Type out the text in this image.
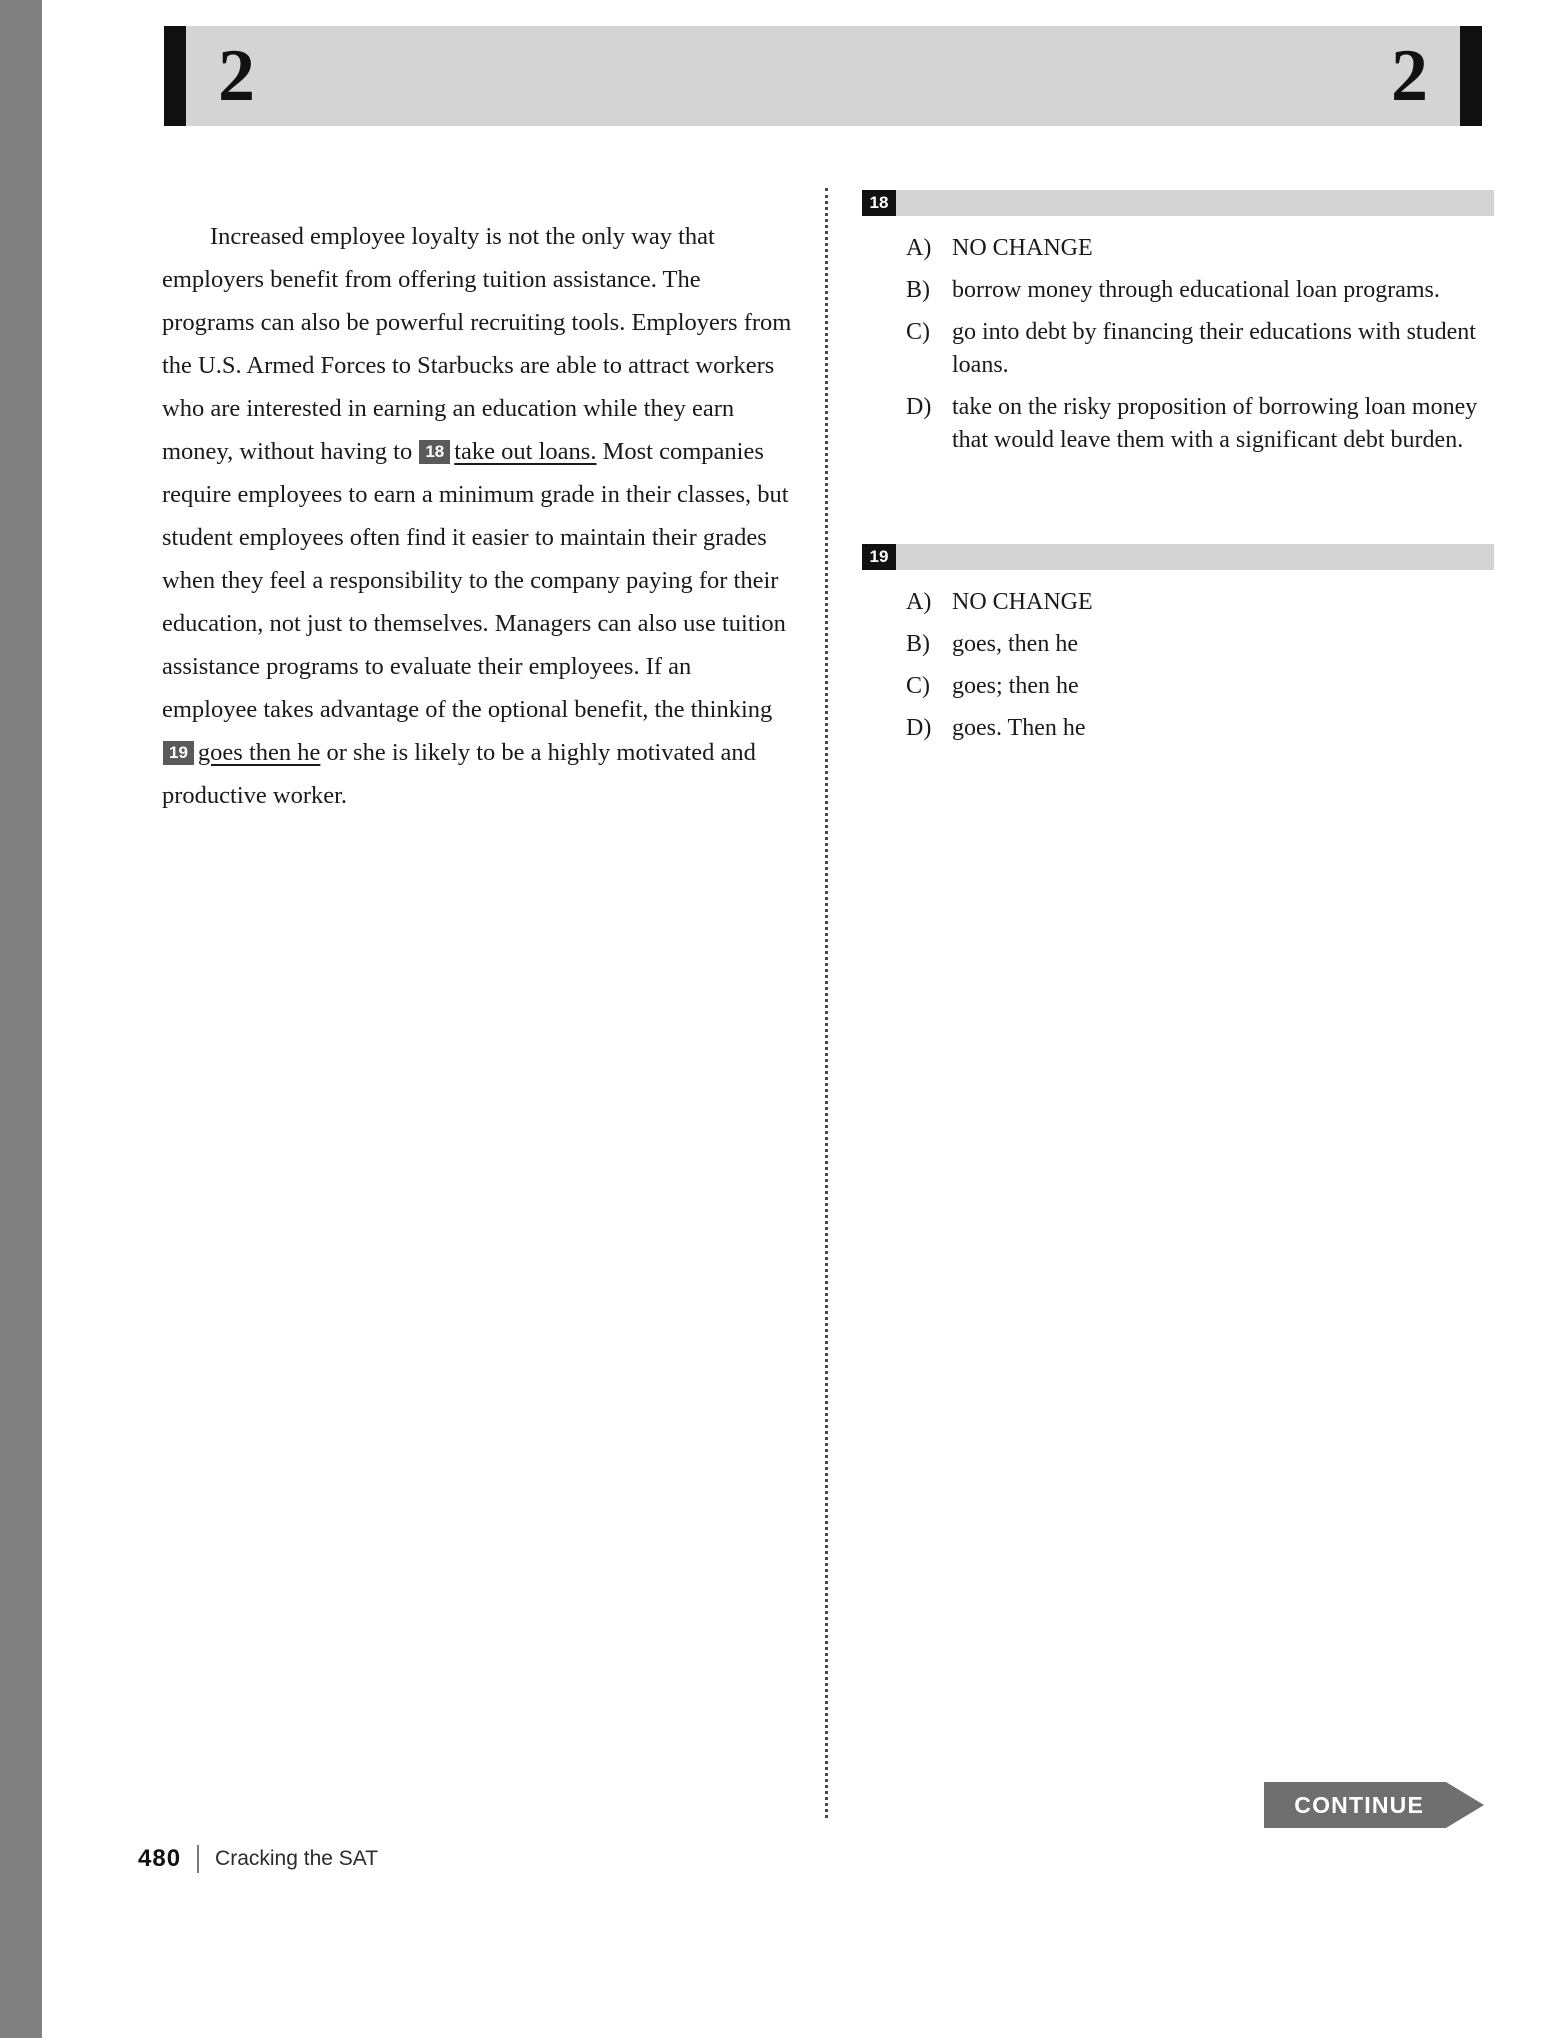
2	2

Increased employee loyalty is not the only way that employers benefit from offering tuition assistance. The programs can also be powerful recruiting tools. Employers from the U.S. Armed Forces to Starbucks are able to attract workers who are interested in earning an education while they earn money, without having to 18 take out loans. Most companies require employees to earn a minimum grade in their classes, but student employees often find it easier to maintain their grades when they feel a responsibility to the company paying for their education, not just to themselves. Managers can also use tuition assistance programs to evaluate their employees. If an employee takes advantage of the optional benefit, the thinking 19 goes then he or she is likely to be a highly motivated and productive worker.

18
A) NO CHANGE
B) borrow money through educational loan programs.
C) go into debt by financing their educations with student loans.
D) take on the risky proposition of borrowing loan money that would leave them with a significant debt burden.
19
A) NO CHANGE
B) goes, then he
C) goes; then he
D) goes. Then he
CONTINUE
480 Cracking the SAT
